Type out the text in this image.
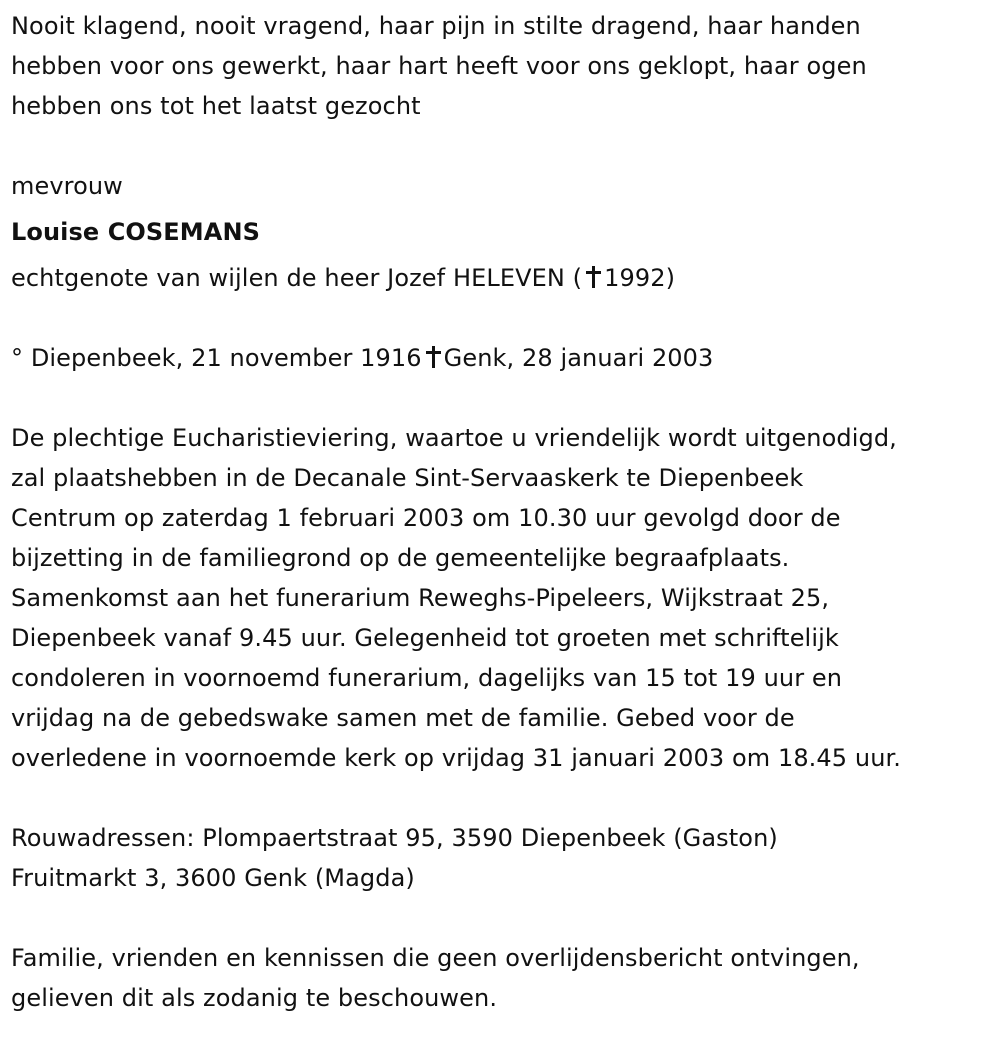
Nooit klagend, nooit vragend, haar pijn in stilte dragend, haar handen
hebben voor ons gewerkt, haar hart heeft voor ons geklopt, haar ogen
hebben ons tot het laatst gezocht
mevrouw
Louise COSEMANS
echtgenote van wijlen de heer Jozef HELEVEN ( 1992)
° Diepenbeek, 21 november 1916 Genk, 28 januari 2003
De plechtige Eucharistieviering, waartoe u vriendelijk wordt uitgenodigd,
zal plaatshebben in de Decanale Sint-Servaaskerk te Diepenbeek
Centrum op zaterdag 1 februari 2003 om 10.30 uur gevolgd door de
bijzetting in de familiegrond op de gemeentelijke begraafplaats.
Samenkomst aan het funerarium Reweghs-Pipeleers, Wijkstraat 25,
Diepenbeek vanaf 9.45 uur. Gelegenheid tot groeten met schriftelijk
condoleren in voornoemd funerarium, dagelijks van 15 tot 19 uur en
vrijdag na de gebedswake samen met de familie. Gebed voor de
overledene in voornoemde kerk op vrijdag 31 januari 2003 om 18.45 uur.
Rouwadressen: Plompaertstraat 95, 3590 Diepenbeek (Gaston)
Fruitmarkt 3, 3600 Genk (Magda)
Familie, vrienden en kennissen die geen overlijdensbericht ontvingen,
gelieven dit als zodanig te beschouwen.
